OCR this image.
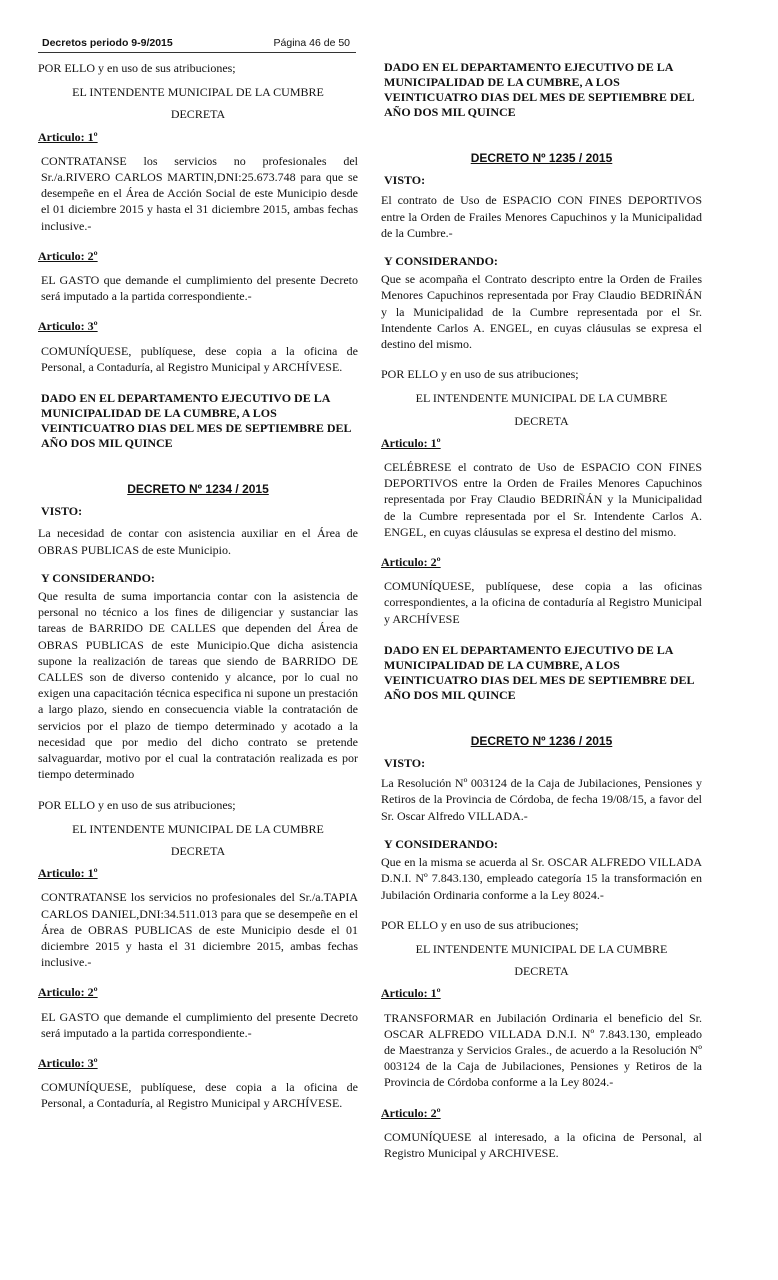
Decretos periodo 9-9/2015	Página 46 de 50
POR ELLO y en uso de sus atribuciones;
EL INTENDENTE MUNICIPAL DE LA CUMBRE
DECRETA
Articulo: 1º
CONTRATANSE los servicios no profesionales del Sr./a.RIVERO CARLOS MARTIN,DNI:25.673.748 para que se desempeñe en el Área de Acción Social de este Municipio desde el 01 diciembre 2015 y hasta el 31 diciembre 2015, ambas fechas inclusive.-
Articulo: 2º
EL GASTO que demande el cumplimiento del presente Decreto será imputado a la partida correspondiente.-
Articulo: 3º
COMUNÍQUESE, publíquese, dese copia a la oficina de Personal, a Contaduría, al Registro Municipal y ARCHÍVESE.
DADO EN EL DEPARTAMENTO EJECUTIVO DE LA MUNICIPALIDAD DE LA CUMBRE, A LOS VEINTICUATRO DIAS DEL MES DE SEPTIEMBRE DEL AÑO DOS MIL QUINCE
DECRETO Nº 1234 / 2015
VISTO:
La necesidad de contar con asistencia auxiliar en el Área de OBRAS PUBLICAS de este Municipio.
Y CONSIDERANDO:
Que resulta de suma importancia contar con la asistencia de personal no técnico a los fines de diligenciar y sustanciar las tareas de BARRIDO DE CALLES que dependen del Área de OBRAS PUBLICAS de este Municipio.Que dicha asistencia supone la realización de tareas que siendo de BARRIDO DE CALLES son de diverso contenido y alcance, por lo cual no exigen una capacitación técnica especifica ni supone un prestación a largo plazo, siendo en consecuencia viable la contratación de servicios por el plazo de tiempo determinado y acotado a la necesidad que por medio del dicho contrato se pretende salvaguardar, motivo por el cual la contratación realizada es por tiempo determinado
POR ELLO y en uso de sus atribuciones;
EL INTENDENTE MUNICIPAL DE LA CUMBRE
DECRETA
Articulo: 1º
CONTRATANSE los servicios no profesionales del Sr./a.TAPIA CARLOS DANIEL,DNI:34.511.013 para que se desempeñe en el Área de OBRAS PUBLICAS de este Municipio desde el 01 diciembre 2015 y hasta el 31 diciembre 2015, ambas fechas inclusive.-
Articulo: 2º
EL GASTO que demande el cumplimiento del presente Decreto será imputado a la partida correspondiente.-
Articulo: 3º
COMUNÍQUESE, publíquese, dese copia a la oficina de Personal, a Contaduría, al Registro Municipal y ARCHÍVESE.
DADO EN EL DEPARTAMENTO EJECUTIVO DE LA MUNICIPALIDAD DE LA CUMBRE, A LOS VEINTICUATRO DIAS DEL MES DE SEPTIEMBRE DEL AÑO DOS MIL QUINCE
DECRETO Nº 1235 / 2015
VISTO:
El contrato de Uso de ESPACIO CON FINES DEPORTIVOS entre la Orden de Frailes Menores Capuchinos y la Municipalidad de la Cumbre.-
Y CONSIDERANDO:
Que se acompaña el Contrato descripto entre la Orden de Frailes Menores Capuchinos representada por Fray Claudio BEDRIÑÁN y la Municipalidad de la Cumbre representada por el Sr. Intendente Carlos A. ENGEL, en cuyas cláusulas se expresa el destino del mismo.
POR ELLO y en uso de sus atribuciones;
EL INTENDENTE MUNICIPAL DE LA CUMBRE
DECRETA
Articulo: 1º
CELÉBRESE el contrato de Uso de ESPACIO CON FINES DEPORTIVOS entre la Orden de Frailes Menores Capuchinos representada por Fray Claudio BEDRIÑÁN y la Municipalidad de la Cumbre representada por el Sr. Intendente Carlos A. ENGEL, en cuyas cláusulas se expresa el destino del mismo.
Articulo: 2º
COMUNÍQUESE, publíquese, dese copia a las oficinas correspondientes, a la oficina de contaduría al Registro Municipal y ARCHÍVESE
DADO EN EL DEPARTAMENTO EJECUTIVO DE LA MUNICIPALIDAD DE LA CUMBRE, A LOS VEINTICUATRO DIAS DEL MES DE SEPTIEMBRE DEL AÑO DOS MIL QUINCE
DECRETO Nº 1236 / 2015
VISTO:
La Resolución Nº 003124 de la Caja de Jubilaciones, Pensiones y Retiros de la Provincia de Córdoba, de fecha 19/08/15, a favor del Sr. Oscar Alfredo VILLADA.-
Y CONSIDERANDO:
Que en la misma se acuerda al Sr. OSCAR ALFREDO VILLADA D.N.I. Nº 7.843.130, empleado categoría 15 la transformación en Jubilación Ordinaria conforme a la Ley 8024.-
POR ELLO y en uso de sus atribuciones;
EL INTENDENTE MUNICIPAL DE LA CUMBRE
DECRETA
Articulo: 1º
TRANSFORMAR en Jubilación Ordinaria el beneficio del Sr. OSCAR ALFREDO VILLADA D.N.I. Nº 7.843.130, empleado de Maestranza y Servicios Grales., de acuerdo a la Resolución Nº 003124 de la Caja de Jubilaciones, Pensiones y Retiros de la Provincia de Córdoba conforme a la Ley 8024.-
Articulo: 2º
COMUNÍQUESE al interesado, a la oficina de Personal, al Registro Municipal y ARCHIVESE.
